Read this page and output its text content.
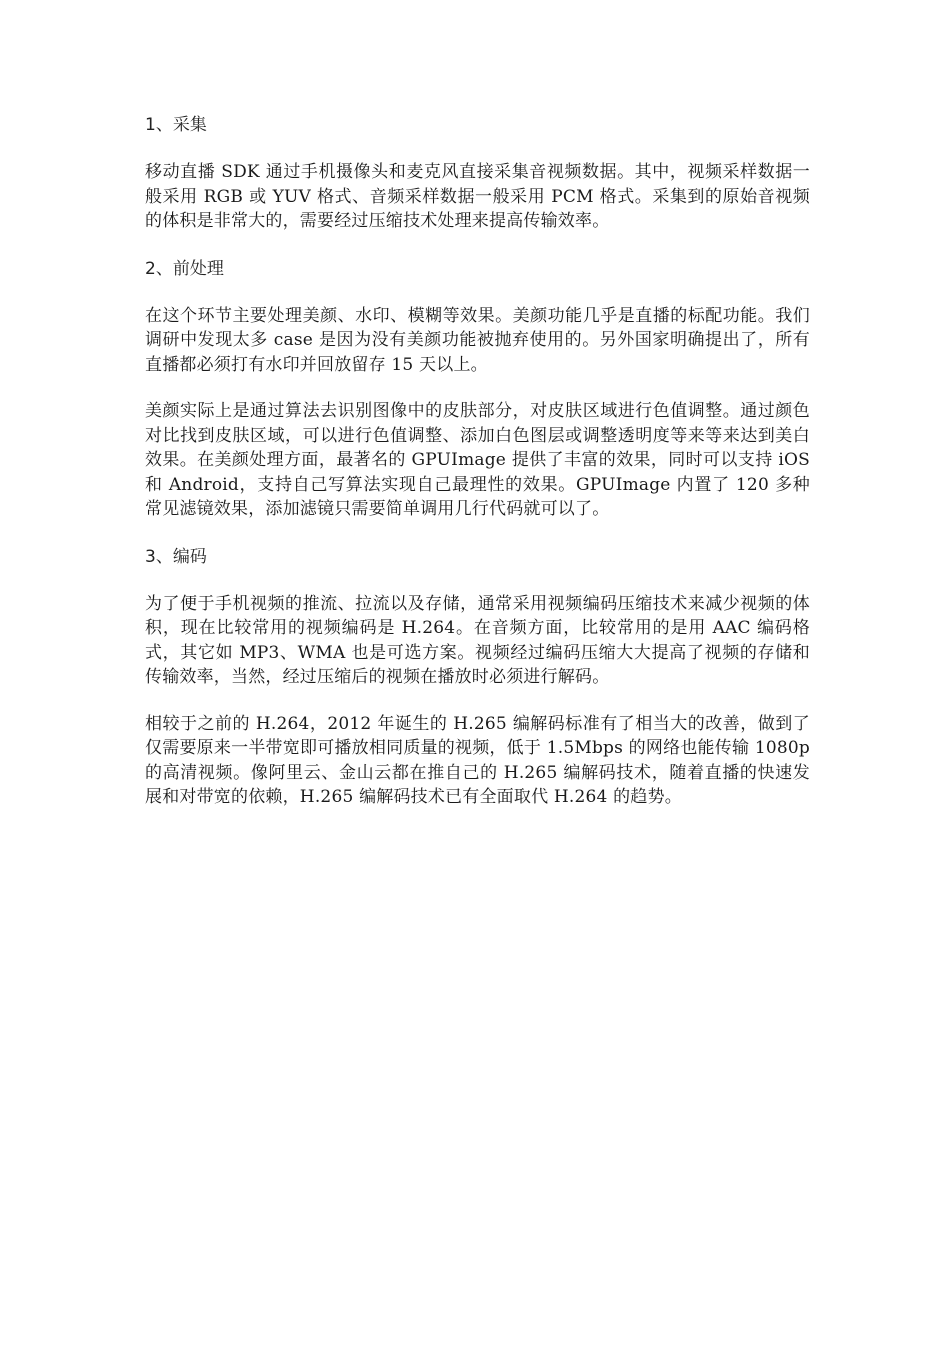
1、采集

移动直播 SDK 通过手机摄像头和麦克风直接采集音视频数据。其中，视频采样数据一般采用 RGB 或 YUV 格式、音频采样数据一般采用 PCM 格式。采集到的原始音视频的体积是非常大的，需要经过压缩技术处理来提高传输效率。

2、前处理

在这个环节主要处理美颜、水印、模糊等效果。美颜功能几乎是直播的标配功能。我们调研中发现太多 case 是因为没有美颜功能被抛弃使用的。另外国家明确提出了，所有直播都必须打有水印并回放留存 15 天以上。

美颜实际上是通过算法去识别图像中的皮肤部分，对皮肤区域进行色值调整。通过颜色对比找到皮肤区域，可以进行色值调整、添加白色图层或调整透明度等来等来达到美白效果。在美颜处理方面，最著名的 GPUImage 提供了丰富的效果，同时可以支持 iOS 和 Android，支持自己写算法实现自己最理性的效果。GPUImage 内置了 120 多种常见滤镜效果，添加滤镜只需要简单调用几行代码就可以了。

3、编码

为了便于手机视频的推流、拉流以及存储，通常采用视频编码压缩技术来减少视频的体积，现在比较常用的视频编码是 H.264。在音频方面，比较常用的是用 AAC 编码格式，其它如 MP3、WMA 也是可选方案。视频经过编码压缩大大提高了视频的存储和传输效率，当然，经过压缩后的视频在播放时必须进行解码。

相较于之前的 H.264，2012 年诞生的 H.265 编解码标准有了相当大的改善，做到了仅需要原来一半带宽即可播放相同质量的视频，低于 1.5Mbps 的网络也能传输 1080p 的高清视频。像阿里云、金山云都在推自己的 H.265 编解码技术，随着直播的快速发展和对带宽的依赖，H.265 编解码技术已有全面取代 H.264 的趋势。
